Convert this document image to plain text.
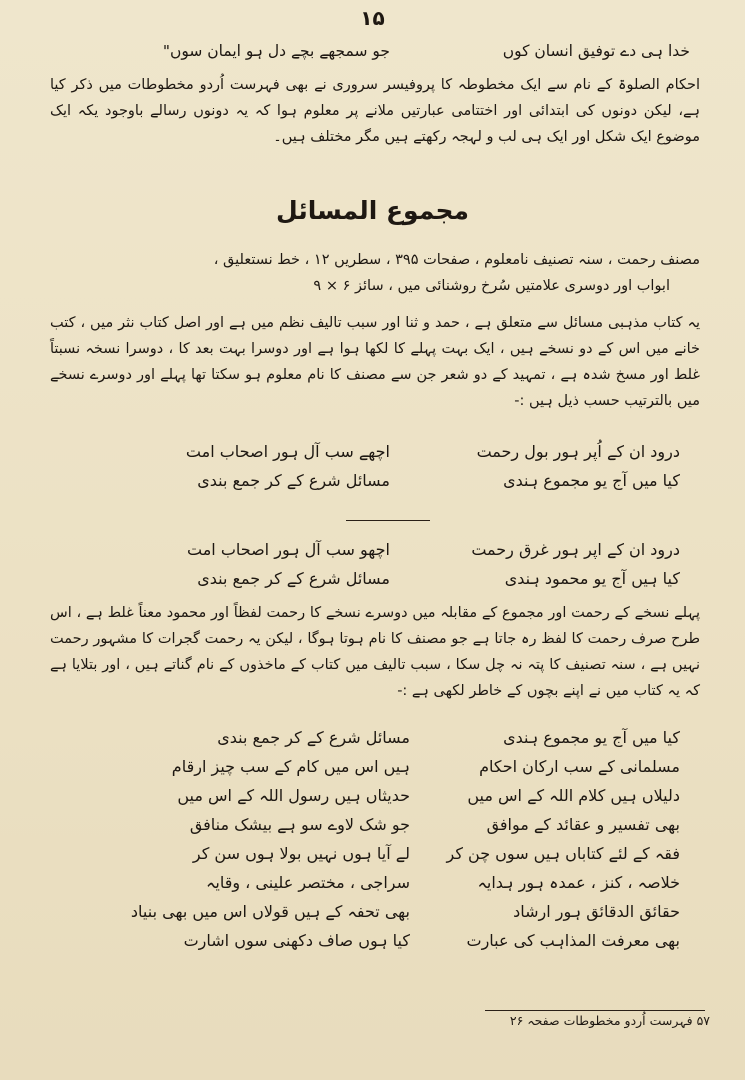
۱۵
خدا ہی دے توفیق انسان کوںجو سمجھے بچے دل ہو ایمان سوں"

احکام الصلوۃ کے نام سے ایک مخطوطہ کا پروفیسر سروری نے بھی فہرست اُردو مخطوطات میں ذکر کیا ہے، لیکن دونوں کی ابتدائی اور اختتامی عبارتیں ملانے پر معلوم ہوا کہ یہ دونوں رسالے باوجود یکہ ایک موضوع ایک شکل اور ایک ہی لب و لہجہ رکھتے ہیں مگر مختلف ہیں۔

مجموع المسائل

مصنف رحمت ، سنہ تصنیف نامعلوم ، صفحات ۳۹۵ ، سطریں ۱۲ ، خط نستعلیق ،

ابواب اور دوسری علامتیں سُرخ روشنائی میں ، سائز ۶ × ۹

یہ کتاب مذہبی مسائل سے متعلق ہے ، حمد و ثنا اور سبب تالیف نظم میں ہے اور اصل کتاب نثر میں ، کتب خانے میں اس کے دو نسخے ہیں ، ایک بہت پہلے کا لکھا ہوا ہے اور دوسرا بہت بعد کا ، دوسرا نسخہ نسبتاً غلط اور مسخ شدہ ہے ، تمہید کے دو شعر جن سے مصنف کا نام معلوم ہو سکتا تھا پہلے اور دوسرے نسخے میں بالترتیب حسب ذیل ہیں :-

درود ان کے اُپر ہور بول رحمتاچھے سب آل ہور اصحاب امت
کیا میں آج یو مجموع ہندیمسائل شرع کے کر جمع بندی
درود ان کے اپر ہور غرق رحمتاچھو سب آل ہور اصحاب امت
کیا ہیں آج یو محمود ہندیمسائل شرع کے کر جمع بندی

پہلے نسخے کے رحمت اور مجموع کے مقابلہ میں دوسرے نسخے کا رحمت لفظاً اور محمود معناً غلط ہے ، اس طرح صرف رحمت کا لفظ رہ جاتا ہے جو مصنف کا نام ہوتا ہوگا ، لیکن یہ رحمت گجرات کا مشہور رحمت نہیں ہے ، سنہ تصنیف کا پتہ نہ چل سکا ، سبب تالیف میں کتاب کے ماخذوں کے نام گناتے ہیں ، اور بتلایا ہے کہ یہ کتاب میں نے اپنے بچوں کے خاطر لکھی ہے :-

کیا میں آج یو مجموع ہندیمسائل شرع کے کر جمع بندی
مسلمانی کے سب ارکان احکامہیں اس میں کام کے سب چیز ارقام
دلیلاں ہیں کلام اللہ کے اس میںحدیثاں ہیں رسول اللہ کے اس میں
بھی تفسیر و عقائد کے موافقجو شک لاوے سو ہے بیشک منافق
فقہ کے لئے کتاباں ہیں سوں چن کرلے آیا ہوں نہیں بولا ہوں سن کر
خلاصہ ، کنز ، عمدہ ہور ہدایہسراجی ، مختصر علینی ، وقایہ
حقائق الدقائق ہور ارشادبھی تحفہ کے ہیں قولاں اس میں بھی بنیاد
بھی معرفت المذاہب کی عبارتکیا ہوں صاف دکھنی سوں اشارت
۵۷ فہرست اُردو مخطوطات صفحہ ۲۶
